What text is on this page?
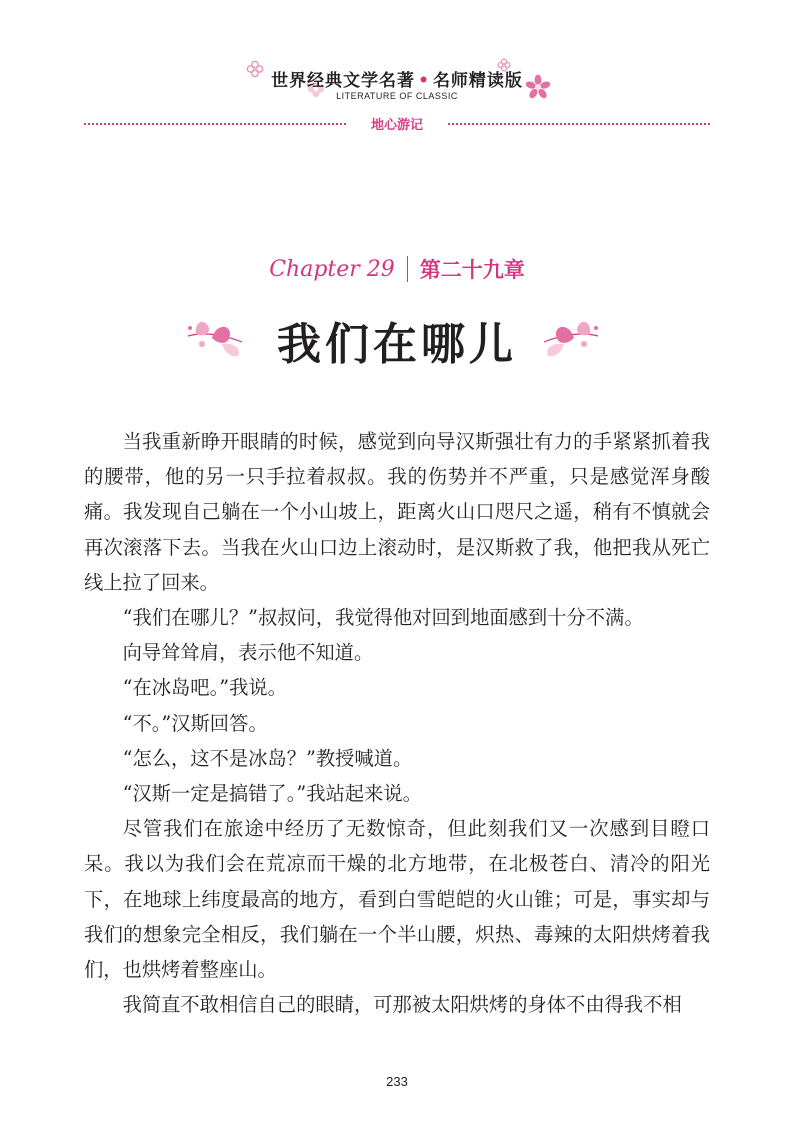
世界经典文学名著 • 名师精读版
LITERATURE OF CLASSIC
地心游记
Chapter 29 第二十九章
我们在哪儿

当我重新睁开眼睛的时候，感觉到向导汉斯强壮有力的手紧紧抓着我的腰带，他的另一只手拉着叔叔。我的伤势并不严重，只是感觉浑身酸痛。我发现自己躺在一个小山坡上，距离火山口咫尺之遥，稍有不慎就会再次滚落下去。当我在火山口边上滚动时，是汉斯救了我，他把我从死亡线上拉了回来。

“我们在哪儿？”叔叔问，我觉得他对回到地面感到十分不满。

向导耸耸肩，表示他不知道。

“在冰岛吧。”我说。

“不。”汉斯回答。

“怎么，这不是冰岛？”教授喊道。

“汉斯一定是搞错了。”我站起来说。

尽管我们在旅途中经历了无数惊奇，但此刻我们又一次感到目瞪口呆。我以为我们会在荒凉而干燥的北方地带，在北极苍白、清冷的阳光下，在地球上纬度最高的地方，看到白雪皑皑的火山锥；可是，事实却与我们的想象完全相反，我们躺在一个半山腰，炽热、毒辣的太阳烘烤着我们，也烘烤着整座山。

我简直不敢相信自己的眼睛，可那被太阳烘烤的身体不由得我不相

233
